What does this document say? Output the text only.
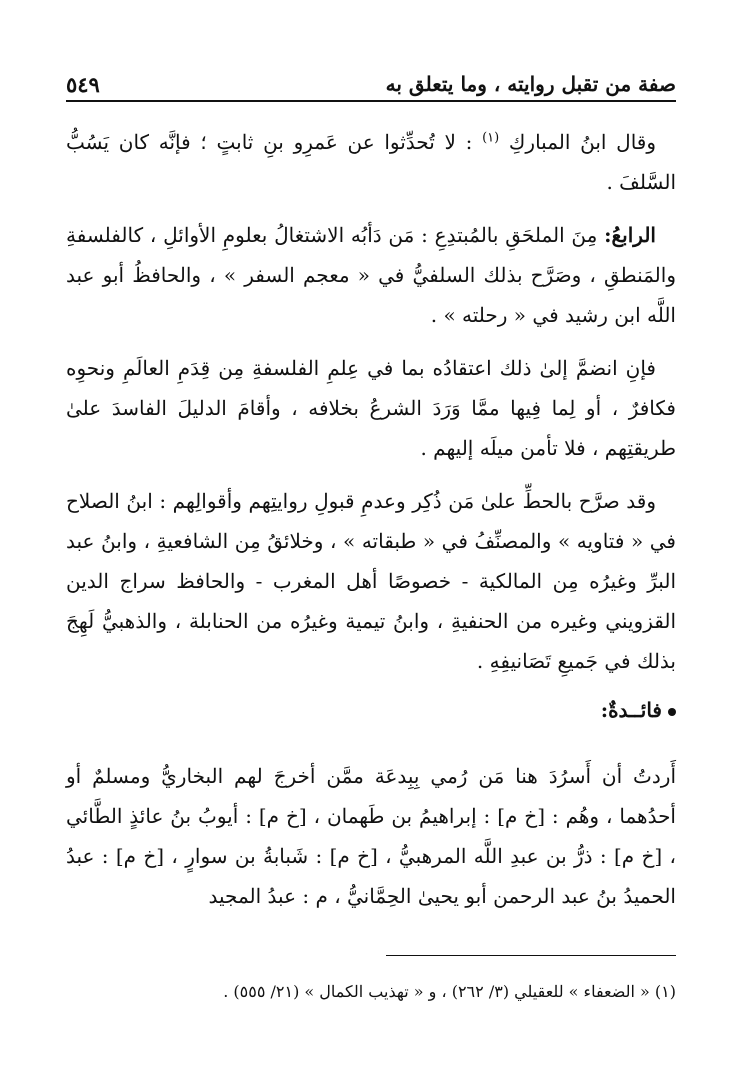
صفة من تقبل روايته ، وما يتعلق به
٥٤٩

وقال ابنُ المباركِ $^{(١)}$ : لا تُحدِّثوا عن عَمرِو بنِ ثابتٍ ؛ فإنَّه كان يَسُبُّ السَّلفَ .

الرابعُ: مِنَ الملحَقِ بالمُبتدِعِ : مَن دَأبُه الاشتغالُ بعلومِ الأوائلِ ، كالفلسفةِ والمَنطقِ ، وصَرَّح بذلك السلفيُّ في « معجم السفر » ، والحافظُ أبو عبد اللَّه ابن رشيد في « رحلته » .

فإنِ انضمَّ إلىٰ ذلك اعتقادُه بما في عِلمِ الفلسفةِ مِن قِدَمِ العالَمِ ونحوِه فكافرٌ ، أو لِما فِيها ممَّا وَرَدَ الشرعُ بخلافه ، وأقامَ الدليلَ الفاسدَ علىٰ طريقتِهم ، فلا تأمن ميلَه إليهم .

وقد صرَّح بالحطِّ علىٰ مَن ذُكِر وعدمِ قبولِ روايتِهم وأقوالِهم : ابنُ الصلاح في « فتاويه » والمصنِّفُ في « طبقاته » ، وخلائقُ مِن الشافعيةِ ، وابنُ عبد البرِّ وغيرُه مِن المالكية - خصوصًا أهل المغرب - والحافظ سراج الدين القزويني وغيره من الحنفيةِ ، وابنُ تيمية وغيرُه من الحنابلة ، والذهبيُّ لَهِجَ بذلك في جَميعِ تَصَانيفِهِ .

فائــدةٌ:

أَردتُ أن أَسرُدَ هنا مَن رُمي بِبِدعَة ممَّن أخرجَ لهم البخاريُّ ومسلمٌ أو أحدُهما ، وهُم : [خ م] : إبراهيمُ بن طَهمان ، [خ م] : أيوبُ بنُ عائذٍ الطَّائي ، [خ م] : ذرُّ بن عبدِ اللَّه المرهبيُّ ، [خ م] : شَبابةُ بن سوارٍ ، [خ م] : عبدُ الحميدُ بنُ عبد الرحمن أبو يحيىٰ الحِمَّانيُّ ، م : عبدُ المجيد

(١) « الضعفاء » للعقيلي (٣/ ٢٦٢) ، و « تهذيب الكمال » (٢١/ ٥٥٥) .
